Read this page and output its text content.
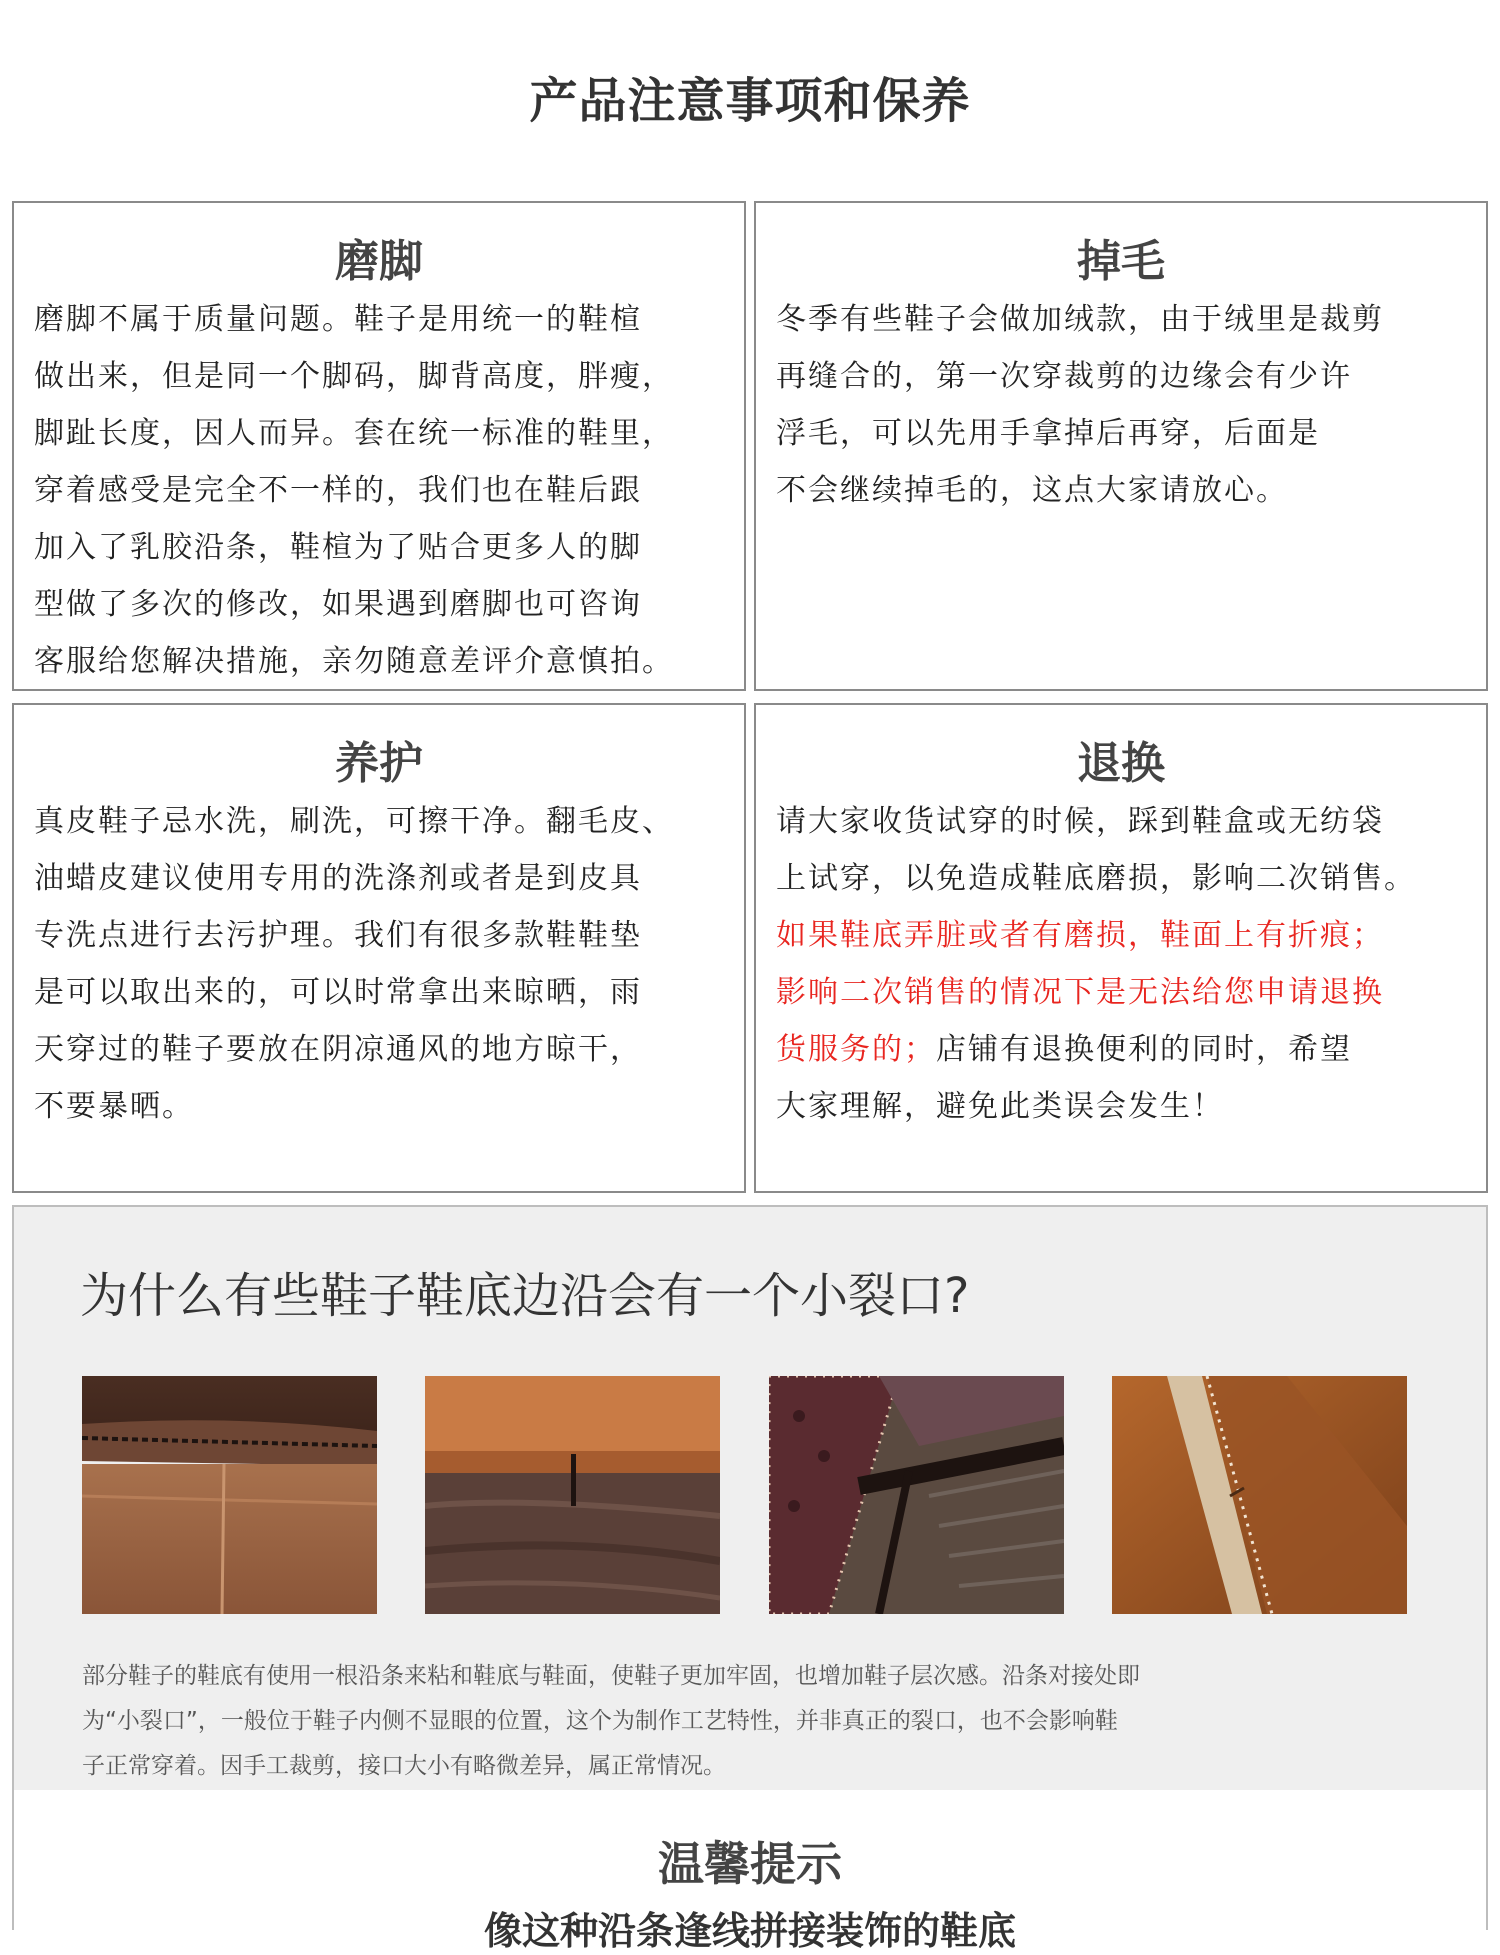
产品注意事项和保养
磨脚
磨脚不属于质量问题。鞋子是用统一的鞋楦
做出来，但是同一个脚码，脚背高度，胖瘦，
脚趾长度，因人而异。套在统一标准的鞋里，
穿着感受是完全不一样的，我们也在鞋后跟
加入了乳胶沿条，鞋楦为了贴合更多人的脚
型做了多次的修改，如果遇到磨脚也可咨询
客服给您解决措施，亲勿随意差评介意慎拍。
掉毛
冬季有些鞋子会做加绒款，由于绒里是裁剪
再缝合的，第一次穿裁剪的边缘会有少许
浮毛，可以先用手拿掉后再穿，后面是
不会继续掉毛的，这点大家请放心。
养护
真皮鞋子忌水洗，刷洗，可擦干净。翻毛皮、
油蜡皮建议使用专用的洗涤剂或者是到皮具
专洗点进行去污护理。我们有很多款鞋鞋垫
是可以取出来的，可以时常拿出来晾晒，雨
天穿过的鞋子要放在阴凉通风的地方晾干，
不要暴晒。
退换
请大家收货试穿的时候，踩到鞋盒或无纺袋
上试穿，以免造成鞋底磨损，影响二次销售。
如果鞋底弄脏或者有磨损，鞋面上有折痕；
影响二次销售的情况下是无法给您申请退换
货服务的；店铺有退换便利的同时，希望
大家理解，避免此类误会发生！
为什么有些鞋子鞋底边沿会有一个小裂口?
部分鞋子的鞋底有使用一根沿条来粘和鞋底与鞋面，使鞋子更加牢固，也增加鞋子层次感。沿条对接处即
为“小裂口”，一般位于鞋子内侧不显眼的位置，这个为制作工艺特性，并非真正的裂口，也不会影响鞋
子正常穿着。因手工裁剪，接口大小有略微差异，属正常情况。
温馨提示
像这种沿条逢线拼接装饰的鞋底
